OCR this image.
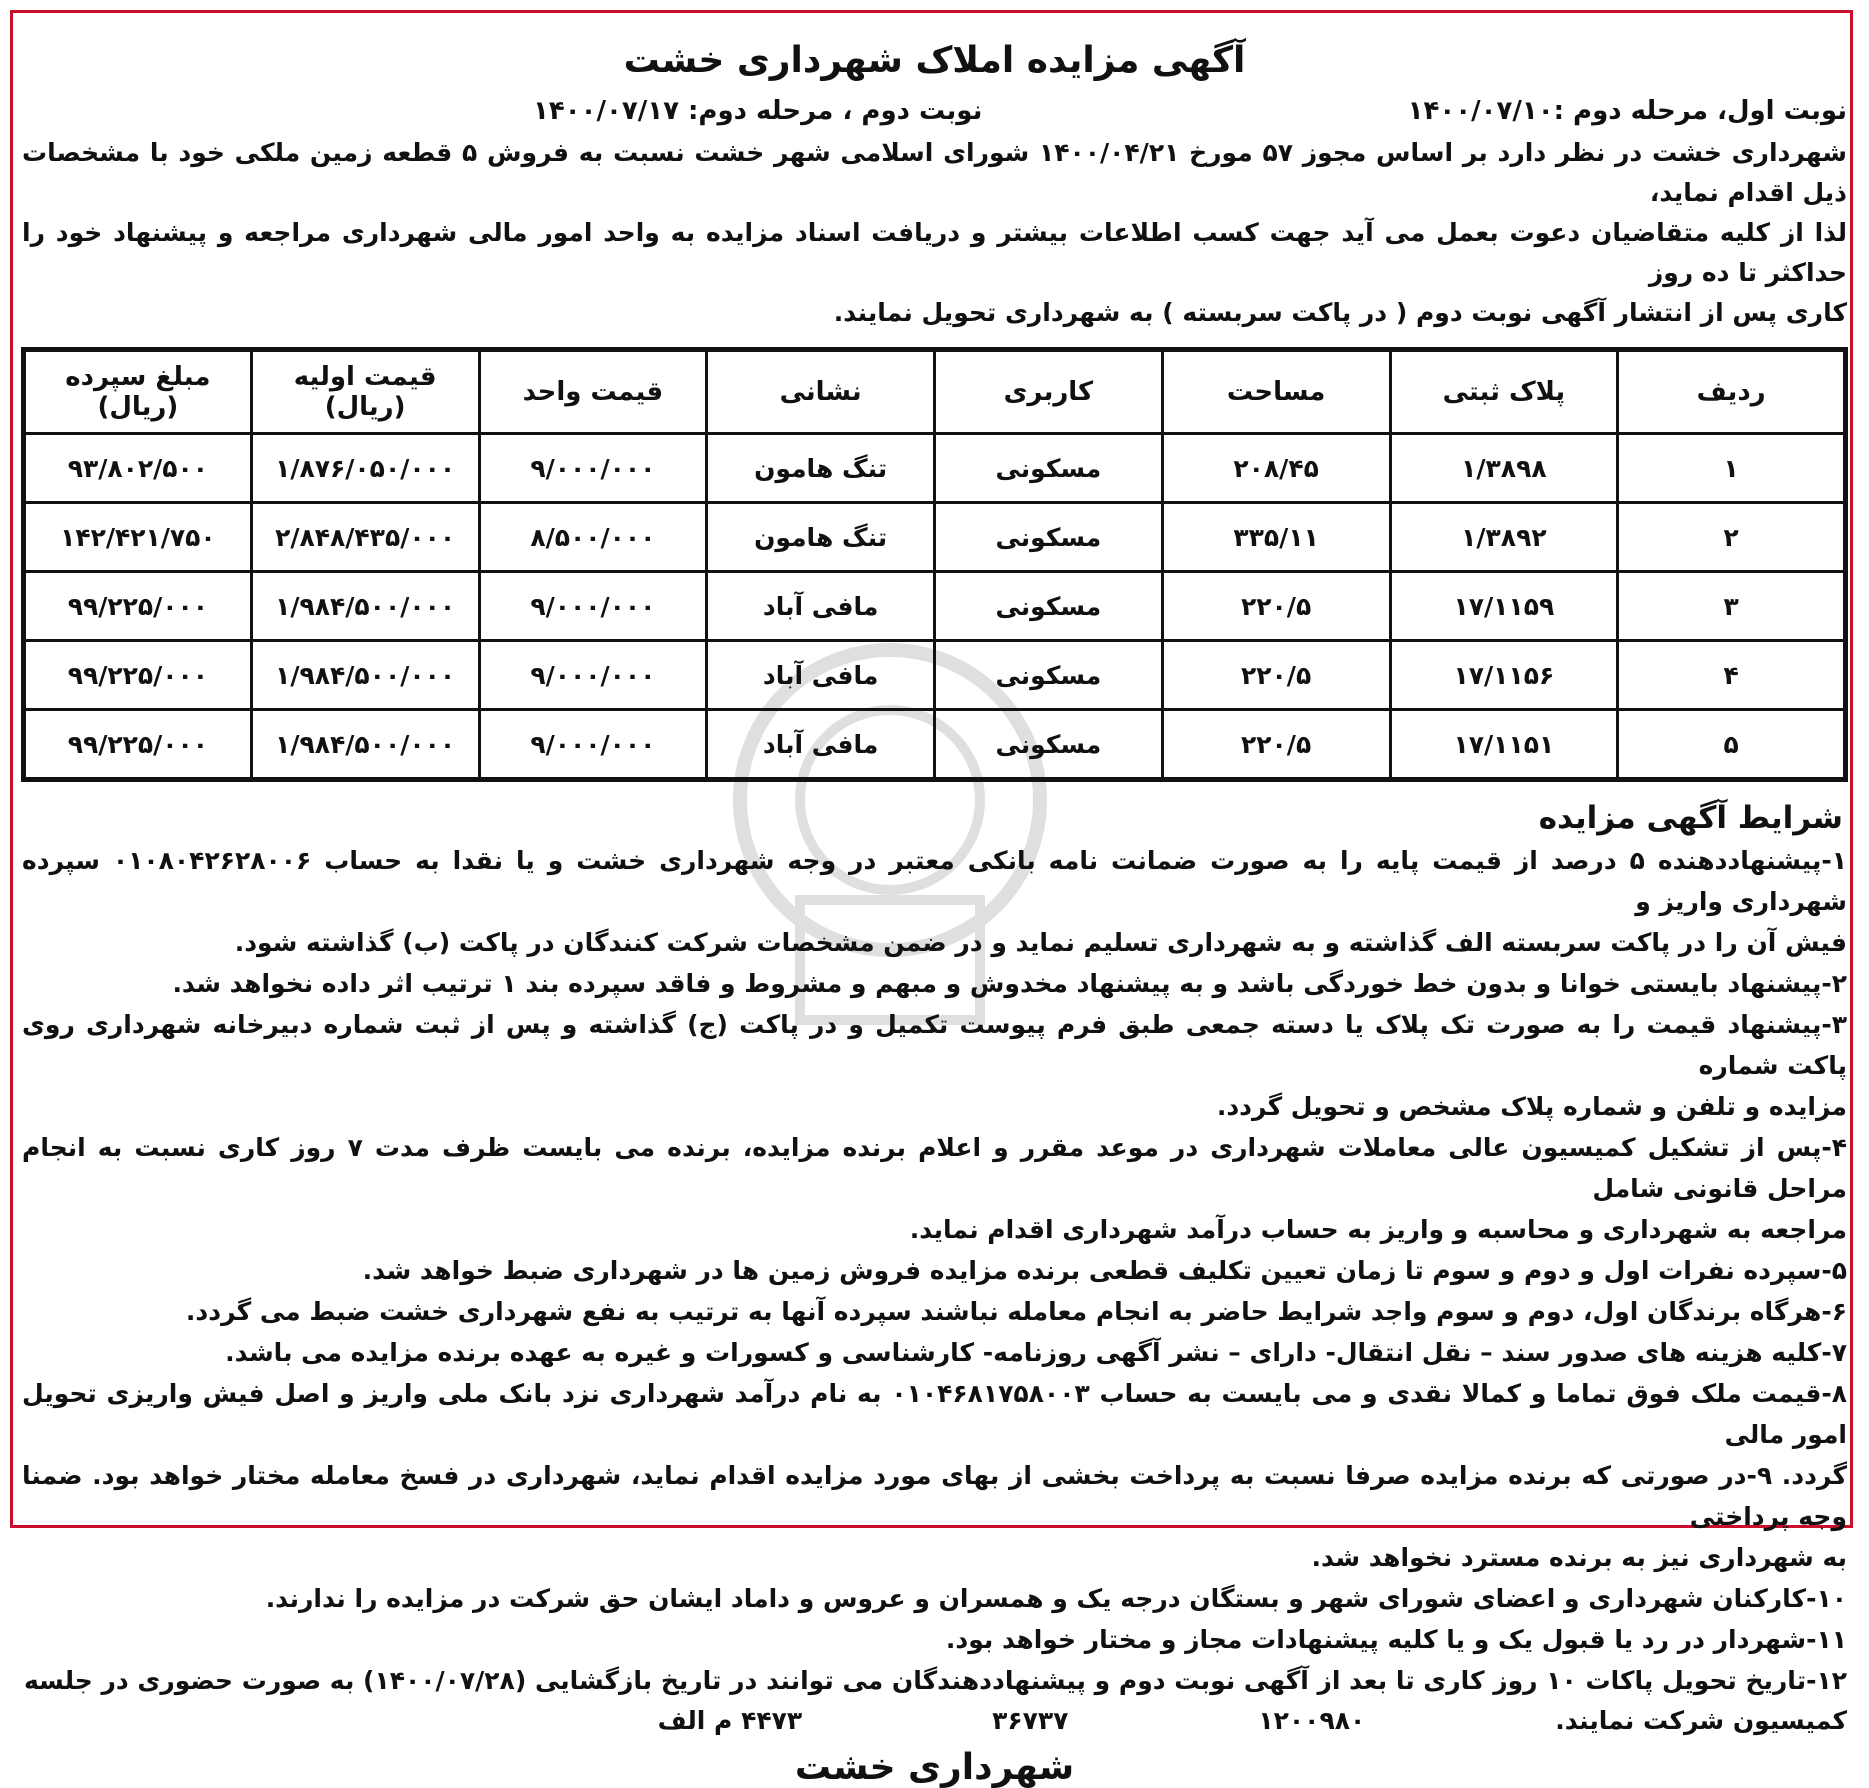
آگهی مزایده املاک شهرداری خشت
نوبت اول، مرحله دوم :۱۴۰۰/۰۷/۱۰
نوبت دوم ، مرحله دوم: ۱۴۰۰/۰۷/۱۷
شهرداری خشت در نظر دارد بر اساس مجوز ۵۷ مورخ ۱۴۰۰/۰۴/۲۱ شورای اسلامی شهر خشت نسبت به فروش ۵ قطعه زمین ملکی خود با مشخصات ذیل اقدام نماید،
لذا از کلیه متقاضیان دعوت بعمل می آید جهت کسب اطلاعات بیشتر و دریافت اسناد مزایده به واحد امور مالی شهرداری مراجعه و پیشنهاد خود را حداکثر تا ده روز
کاری پس از انتشار آگهی نوبت دوم ( در پاکت سربسته ) به شهرداری تحویل نمایند.
ردیف	پلاک ثبتی	مساحت	کاربری	نشانی	قیمت واحد	قیمت اولیه (ریال)	مبلغ سپرده (ریال)
۱	۱/۳۸۹۸	۲۰۸/۴۵	مسکونی	تنگ هامون	۹/۰۰۰/۰۰۰	۱/۸۷۶/۰۵۰/۰۰۰	۹۳/۸۰۲/۵۰۰
۲	۱/۳۸۹۲	۳۳۵/۱۱	مسکونی	تنگ هامون	۸/۵۰۰/۰۰۰	۲/۸۴۸/۴۳۵/۰۰۰	۱۴۲/۴۲۱/۷۵۰
۳	۱۷/۱۱۵۹	۲۲۰/۵	مسکونی	مافی آباد	۹/۰۰۰/۰۰۰	۱/۹۸۴/۵۰۰/۰۰۰	۹۹/۲۲۵/۰۰۰
۴	۱۷/۱۱۵۶	۲۲۰/۵	مسکونی	مافی آباد	۹/۰۰۰/۰۰۰	۱/۹۸۴/۵۰۰/۰۰۰	۹۹/۲۲۵/۰۰۰
۵	۱۷/۱۱۵۱	۲۲۰/۵	مسکونی	مافی آباد	۹/۰۰۰/۰۰۰	۱/۹۸۴/۵۰۰/۰۰۰	۹۹/۲۲۵/۰۰۰
شرایط آگهی مزایده
۱-پیشنهاددهنده ۵ درصد از قیمت پایه را به صورت ضمانت نامه بانکی معتبر در وجه شهرداری خشت و یا نقدا به حساب ۰۱۰۸۰۴۲۶۲۸۰۰۶ سپرده شهرداری واریز و
فیش آن را در پاکت سربسته الف گذاشته و به شهرداری تسلیم نماید و در ضمن مشخصات شرکت کنندگان در پاکت (ب) گذاشته شود.
۲-پیشنهاد بایستی خوانا و بدون خط خوردگی باشد و به پیشنهاد مخدوش و مبهم و مشروط و فاقد سپرده بند ۱ ترتیب اثر داده نخواهد شد.
۳-پیشنهاد قیمت را به صورت تک پلاک یا دسته جمعی طبق فرم پیوست تکمیل و در پاکت (ج) گذاشته و پس از ثبت شماره دبیرخانه شهرداری روی پاکت شماره
مزایده و تلفن و شماره پلاک مشخص و تحویل گردد.
۴-پس از تشکیل کمیسیون عالی معاملات شهرداری در موعد مقرر و اعلام برنده مزایده، برنده می بایست ظرف مدت ۷ روز کاری نسبت به انجام مراحل قانونی شامل
مراجعه به شهرداری و محاسبه و واریز به حساب درآمد شهرداری اقدام نماید.
۵-سپرده نفرات اول و دوم و سوم تا زمان تعیین تکلیف قطعی برنده مزایده فروش زمین ها در شهرداری ضبط خواهد شد.
۶-هرگاه برندگان اول، دوم و سوم واجد شرایط حاضر به انجام معامله نباشند سپرده آنها به ترتیب به نفع شهرداری خشت ضبط می گردد.
۷-کلیه هزینه های صدور سند – نقل انتقال- دارای – نشر آگهی روزنامه- کارشناسی و کسورات و غیره به عهده برنده مزایده می باشد.
۸-قیمت ملک فوق تماما و کمالا نقدی و می بایست به حساب ۰۱۰۴۶۸۱۷۵۸۰۰۳ به نام درآمد شهرداری نزد بانک ملی واریز و اصل فیش واریزی تحویل امور مالی
گردد. ۹-در صورتی که برنده مزایده صرفا نسبت به پرداخت بخشی از بهای مورد مزایده اقدام نماید، شهرداری در فسخ معامله مختار خواهد بود. ضمنا وجه پرداختی
به شهرداری نیز به برنده مسترد نخواهد شد.
۱۰-کارکنان شهرداری و اعضای شورای شهر و بستگان درجه یک و همسران و عروس و داماد ایشان حق شرکت در مزایده را ندارند.
۱۱-شهردار در رد یا قبول یک و یا کلیه پیشنهادات مجاز و مختار خواهد بود.
۱۲-تاریخ تحویل پاکات ۱۰ روز کاری تا بعد از آگهی نوبت دوم و پیشنهاددهندگان می توانند در تاریخ بازگشایی (۱۴۰۰/۰۷/۲۸) به صورت حضوری در جلسه
کمیسیون شرکت نمایند.
۱۲۰۰۹۸۰
۳۶۷۳۷
۴۴۷۳ م الف
شهرداری خشت
